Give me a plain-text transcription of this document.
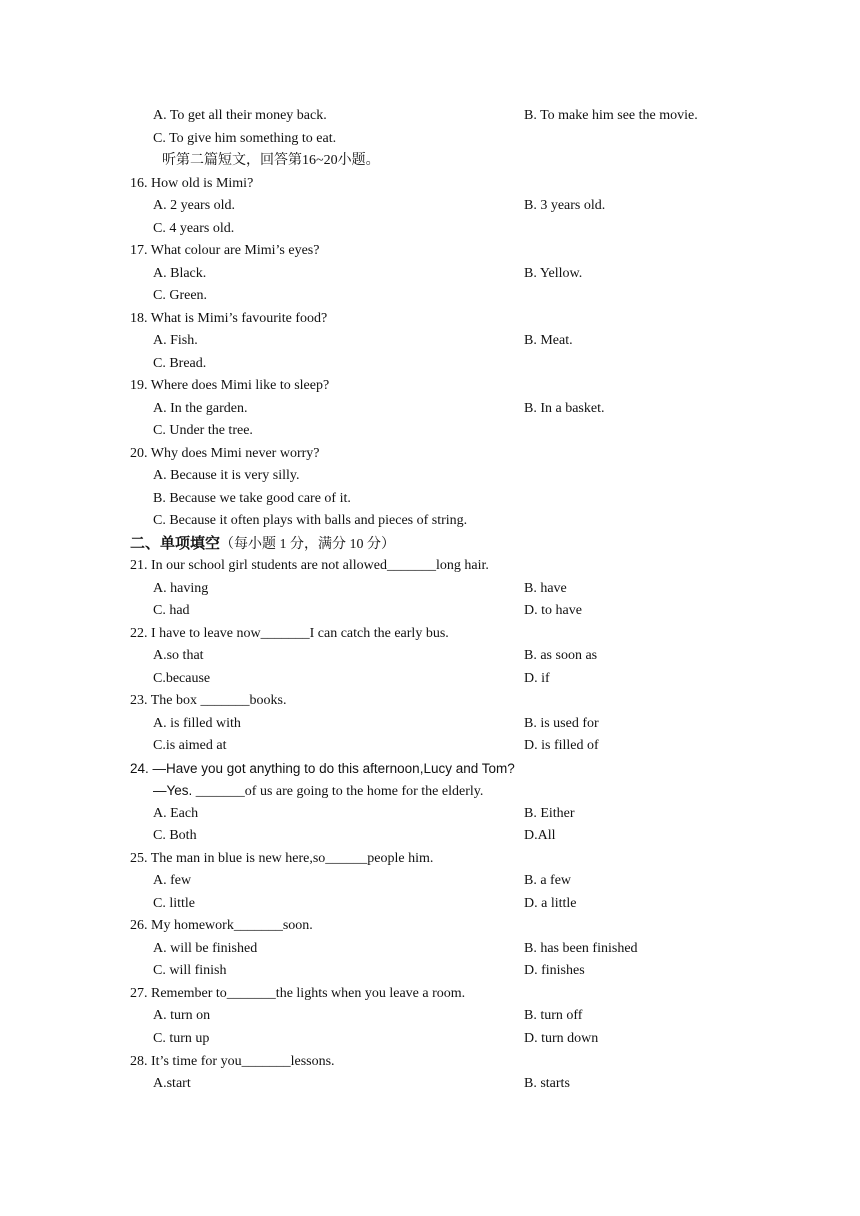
A. To get all their money back.	B. To make him see the movie.
C. To give him something to eat.
听第二篇短文，回答第16~20小题。
16. How old is Mimi?
A. 2 years old.	B. 3 years old.
C. 4 years old.
17. What colour are Mimi’s eyes?
A. Black.	B. Yellow.
C. Green.
18. What is Mimi’s favourite food?
A. Fish.	B. Meat.
C. Bread.
19. Where does Mimi like to sleep?
A. In the garden.	B. In a basket.
C. Under the tree.
20. Why does Mimi never worry?
A. Because it is very silly.
B. Because we take good care of it.
C. Because it often plays with balls and pieces of string.
二、单项填空（每小题 1 分，满分 10 分）
21. In our school girl students are not allowed_______long hair.
A. having	B. have
C. had	D. to have
22. I have to leave now_______I can catch the early bus.
A.so that	B. as soon as
C.because	D. if
23. The box _______books.
A. is filled with	B. is used for
C.is aimed at	D. is filled of
24. —Have you got anything to do this afternoon,Lucy and Tom?
—Yes. _______of us are going to the home for the elderly.
A. Each	B. Either
C. Both	D.All
25. The man in blue is new here,so______people him.
A. few	B. a few
C. little	D. a little
26. My homework_______soon.
A. will be finished	B. has been finished
C. will finish	D. finishes
27. Remember to_______the lights when you leave a room.
A. turn on	B. turn off
C. turn up	D. turn down
28. It’s time for you_______lessons.
A.start	B. starts
